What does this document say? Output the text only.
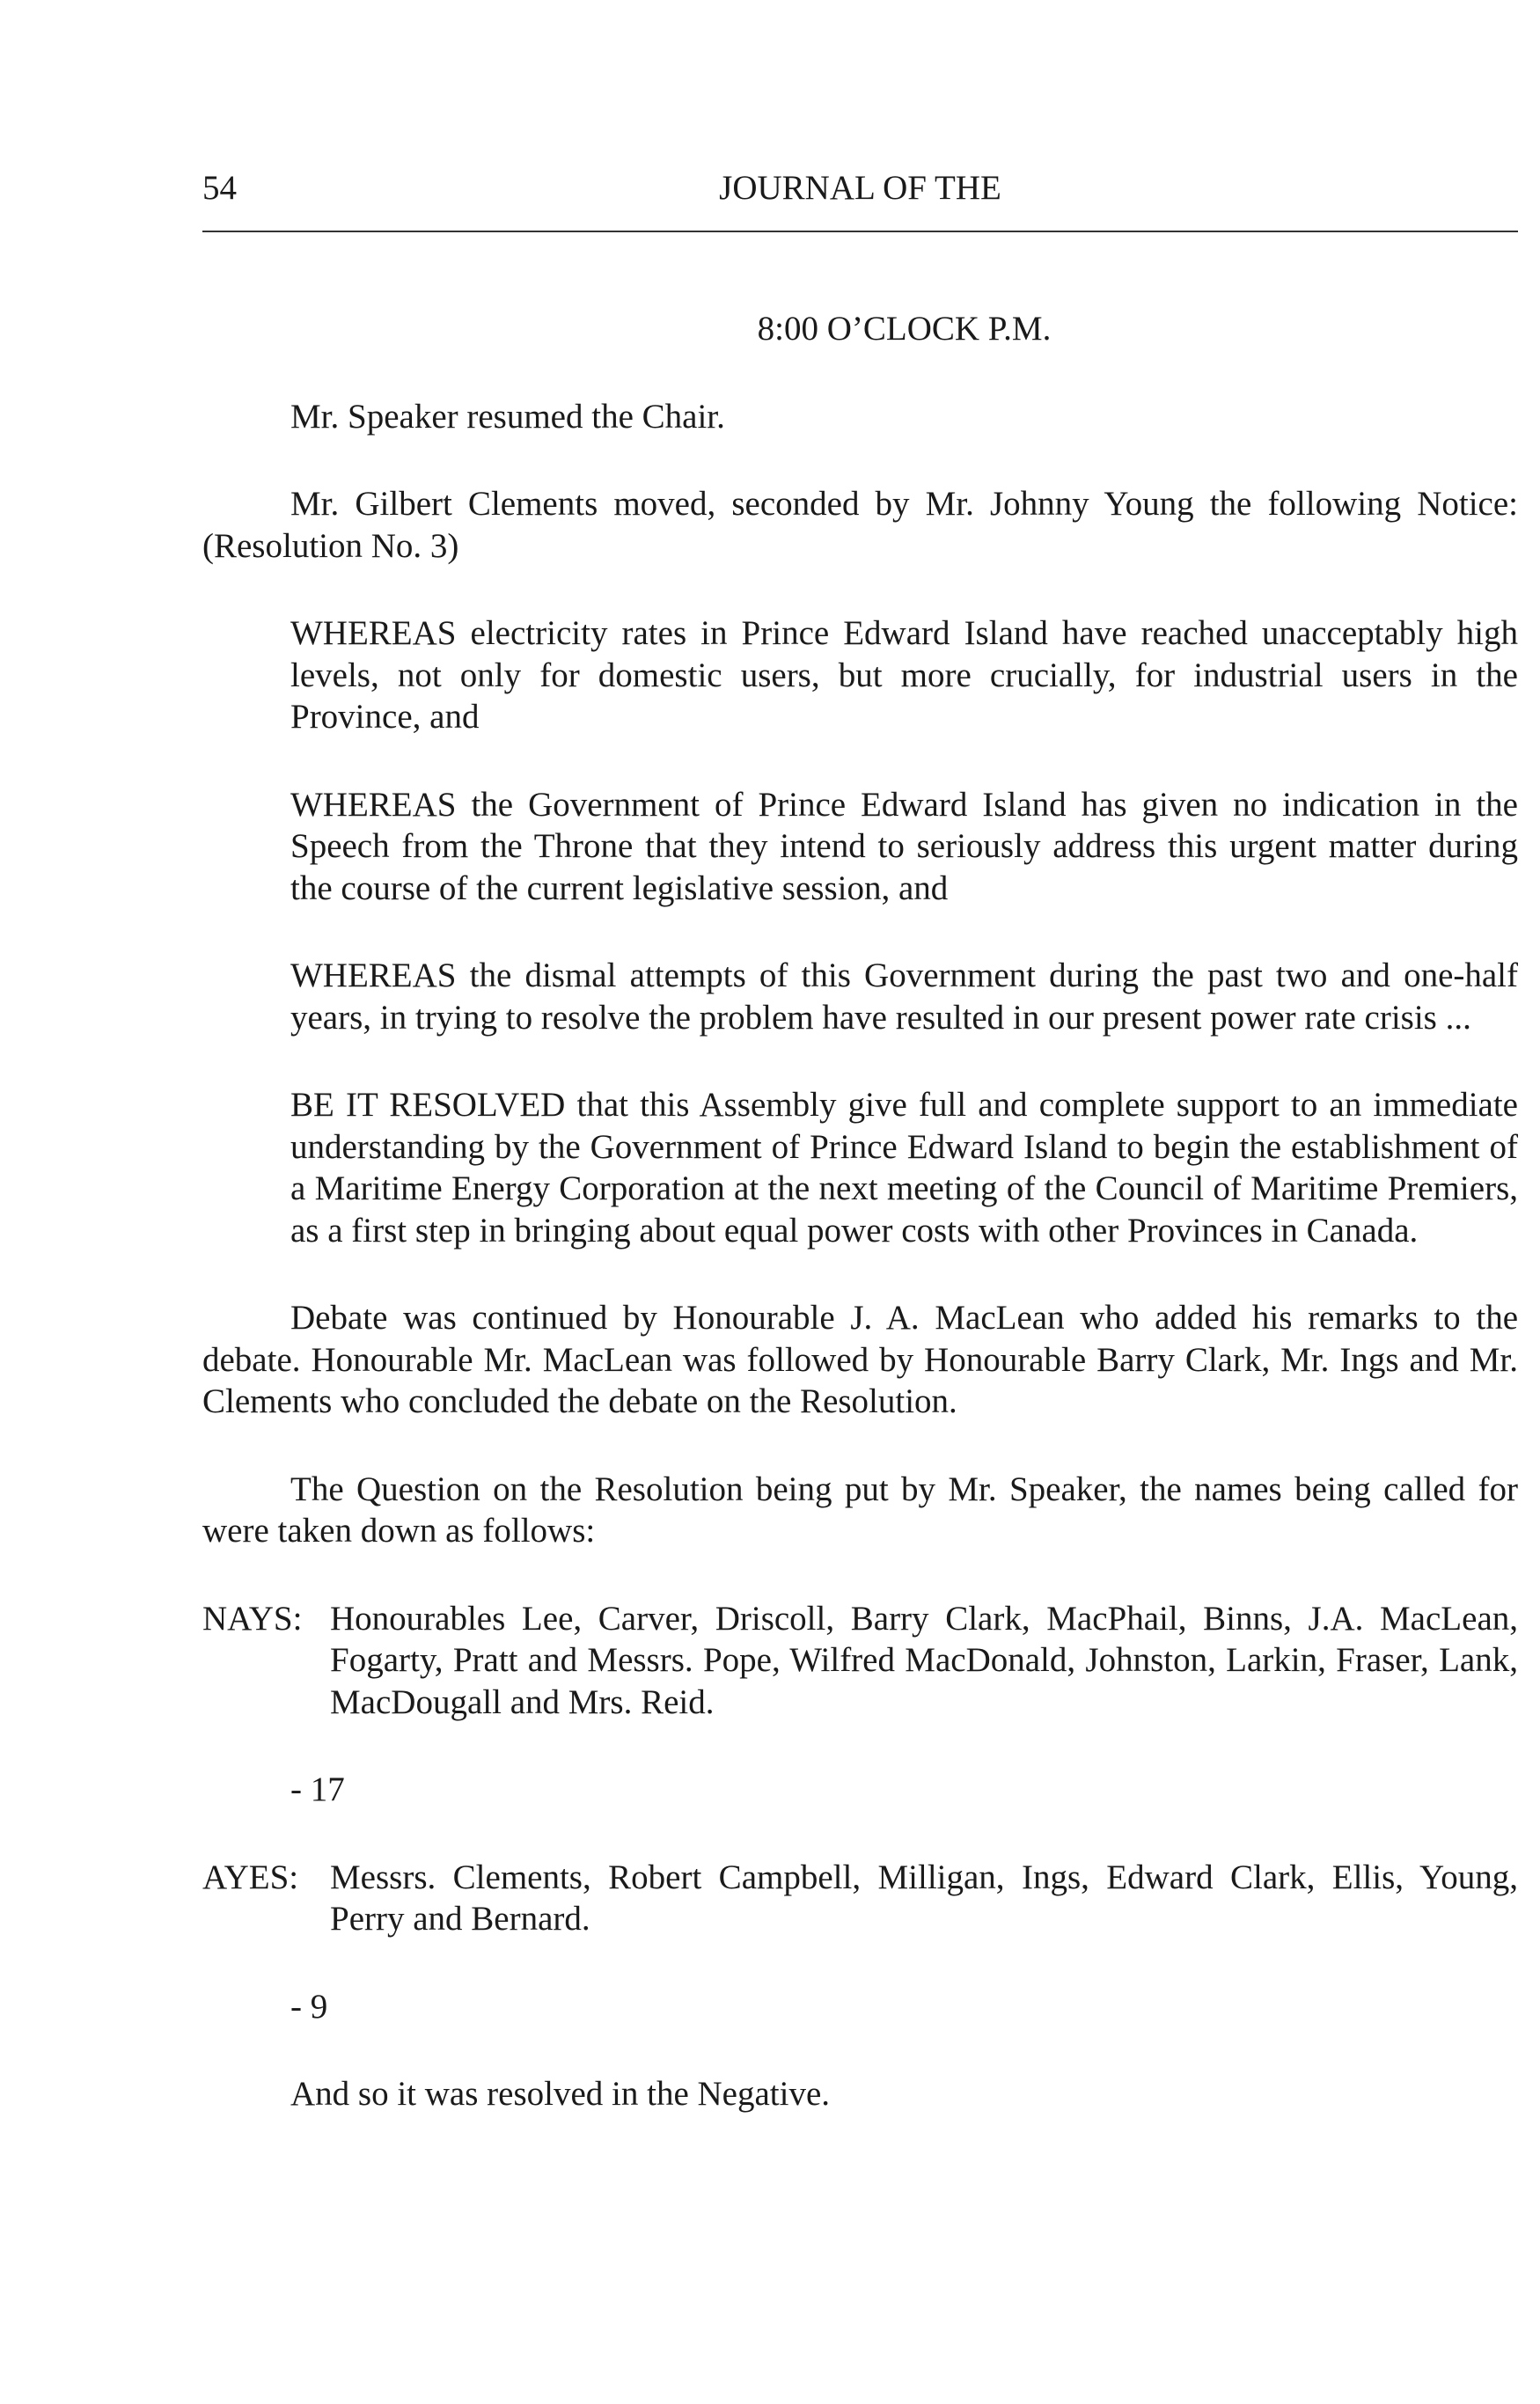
54	JOURNAL OF THE

8:00 O’CLOCK P.M.

Mr. Speaker resumed the Chair.

Mr. Gilbert Clements moved, seconded by Mr. Johnny Young the following Notice: (Resolution No. 3)

WHEREAS electricity rates in Prince Edward Island have reached unacceptably high levels, not only for domestic users, but more crucially, for industrial users in the Province, and

WHEREAS the Government of Prince Edward Island has given no indication in the Speech from the Throne that they intend to seriously address this urgent matter during the course of the current legislative session, and

WHEREAS the dismal attempts of this Government during the past two and one-half years, in trying to resolve the problem have resulted in our present power rate crisis ...

BE IT RESOLVED that this Assembly give full and complete support to an immediate understanding by the Government of Prince Edward Island to begin the establishment of a Maritime Energy Corporation at the next meeting of the Council of Maritime Premiers, as a first step in bringing about equal power costs with other Provinces in Canada.

Debate was continued by Honourable J. A. MacLean who added his remarks to the debate. Honourable Mr. MacLean was followed by Honourable Barry Clark, Mr. Ings and Mr. Clements who concluded the debate on the Resolution.

The Question on the Resolution being put by Mr. Speaker, the names being called for were taken down as follows:

NAYS: Honourables Lee, Carver, Driscoll, Barry Clark, MacPhail, Binns, J.A. MacLean, Fogarty, Pratt and Messrs. Pope, Wilfred MacDonald, Johnston, Larkin, Fraser, Lank, MacDougall and Mrs. Reid.

- 17

AYES: Messrs. Clements, Robert Campbell, Milligan, Ings, Edward Clark, Ellis, Young, Perry and Bernard.

- 9

And so it was resolved in the Negative.
